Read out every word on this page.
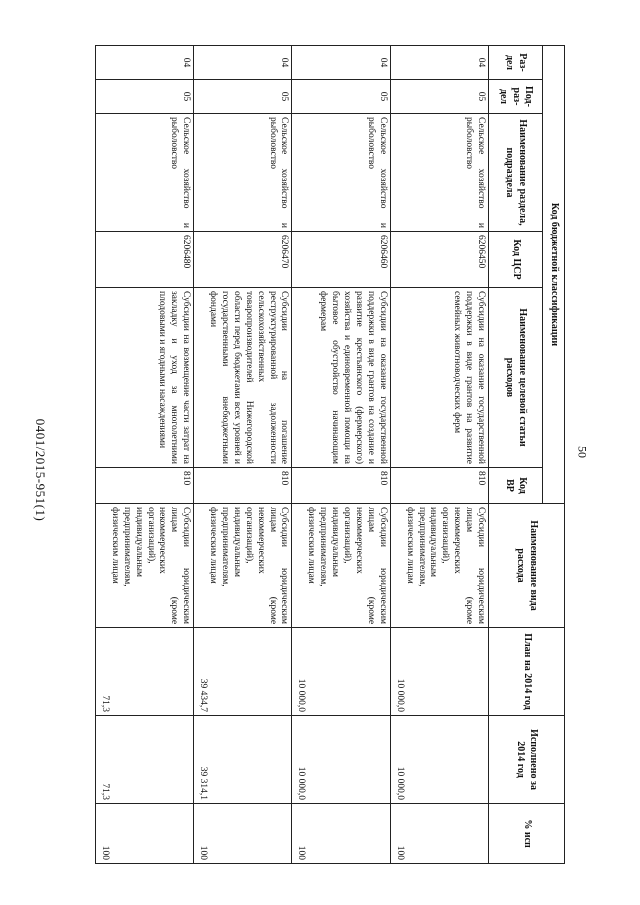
50
0401/2015-951(1)
Код бюджетной классификации						Наименование вида расхода	План на 2014 год	Исполнено за 2014 год	% исп
Раз-дел	Под-раз-дел	Наименование раздела, подраздела	Код ЦСР	Наименование целевой статьи расходов	Код ВР				
04	05	Сельское хозяйство и рыболовство	6206450	Субсидии на оказание государственной поддержки в виде грантов на развитие семейных животноводческих ферм	810	Субсидии юридическим лицам (кроме некоммерческих организаций), индивидуальным предпринимателям, физическим лицам	10 000,0	10 000,0	100
04	05	Сельское хозяйство и рыболовство	6206460	Субсидии на оказание государственной поддержки в виде грантов на создание и развитие крестьянского (фермерского) хозяйства и единовременной помощи на бытовое обустройство начинающим фермерам	810	Субсидии юридическим лицам (кроме некоммерческих организаций), индивидуальным предпринимателям, физическим лицам	10 000,0	10 000,0	100
04	05	Сельское хозяйство и рыболовство	6206470	Субсидии на погашение реструктурированной задолженности сельскохозяйственных товаропроизводителей Нижегородской области перед бюджетами всех уровней и государственными внебюджетными фондами	810	Субсидии юридическим лицам (кроме некоммерческих организаций), индивидуальным предпринимателям, физическим лицам	39 434,7	39 314,1	100
04	05	Сельское хозяйство и рыболовство	6206480	Субсидии на возмещение части затрат на закладку и уход за многолетними плодовыми и ягодными насаждениями	810	Субсидии юридическим лицам (кроме некоммерческих организаций), индивидуальным предпринимателям, физическим лицам	71,3	71,3	100
